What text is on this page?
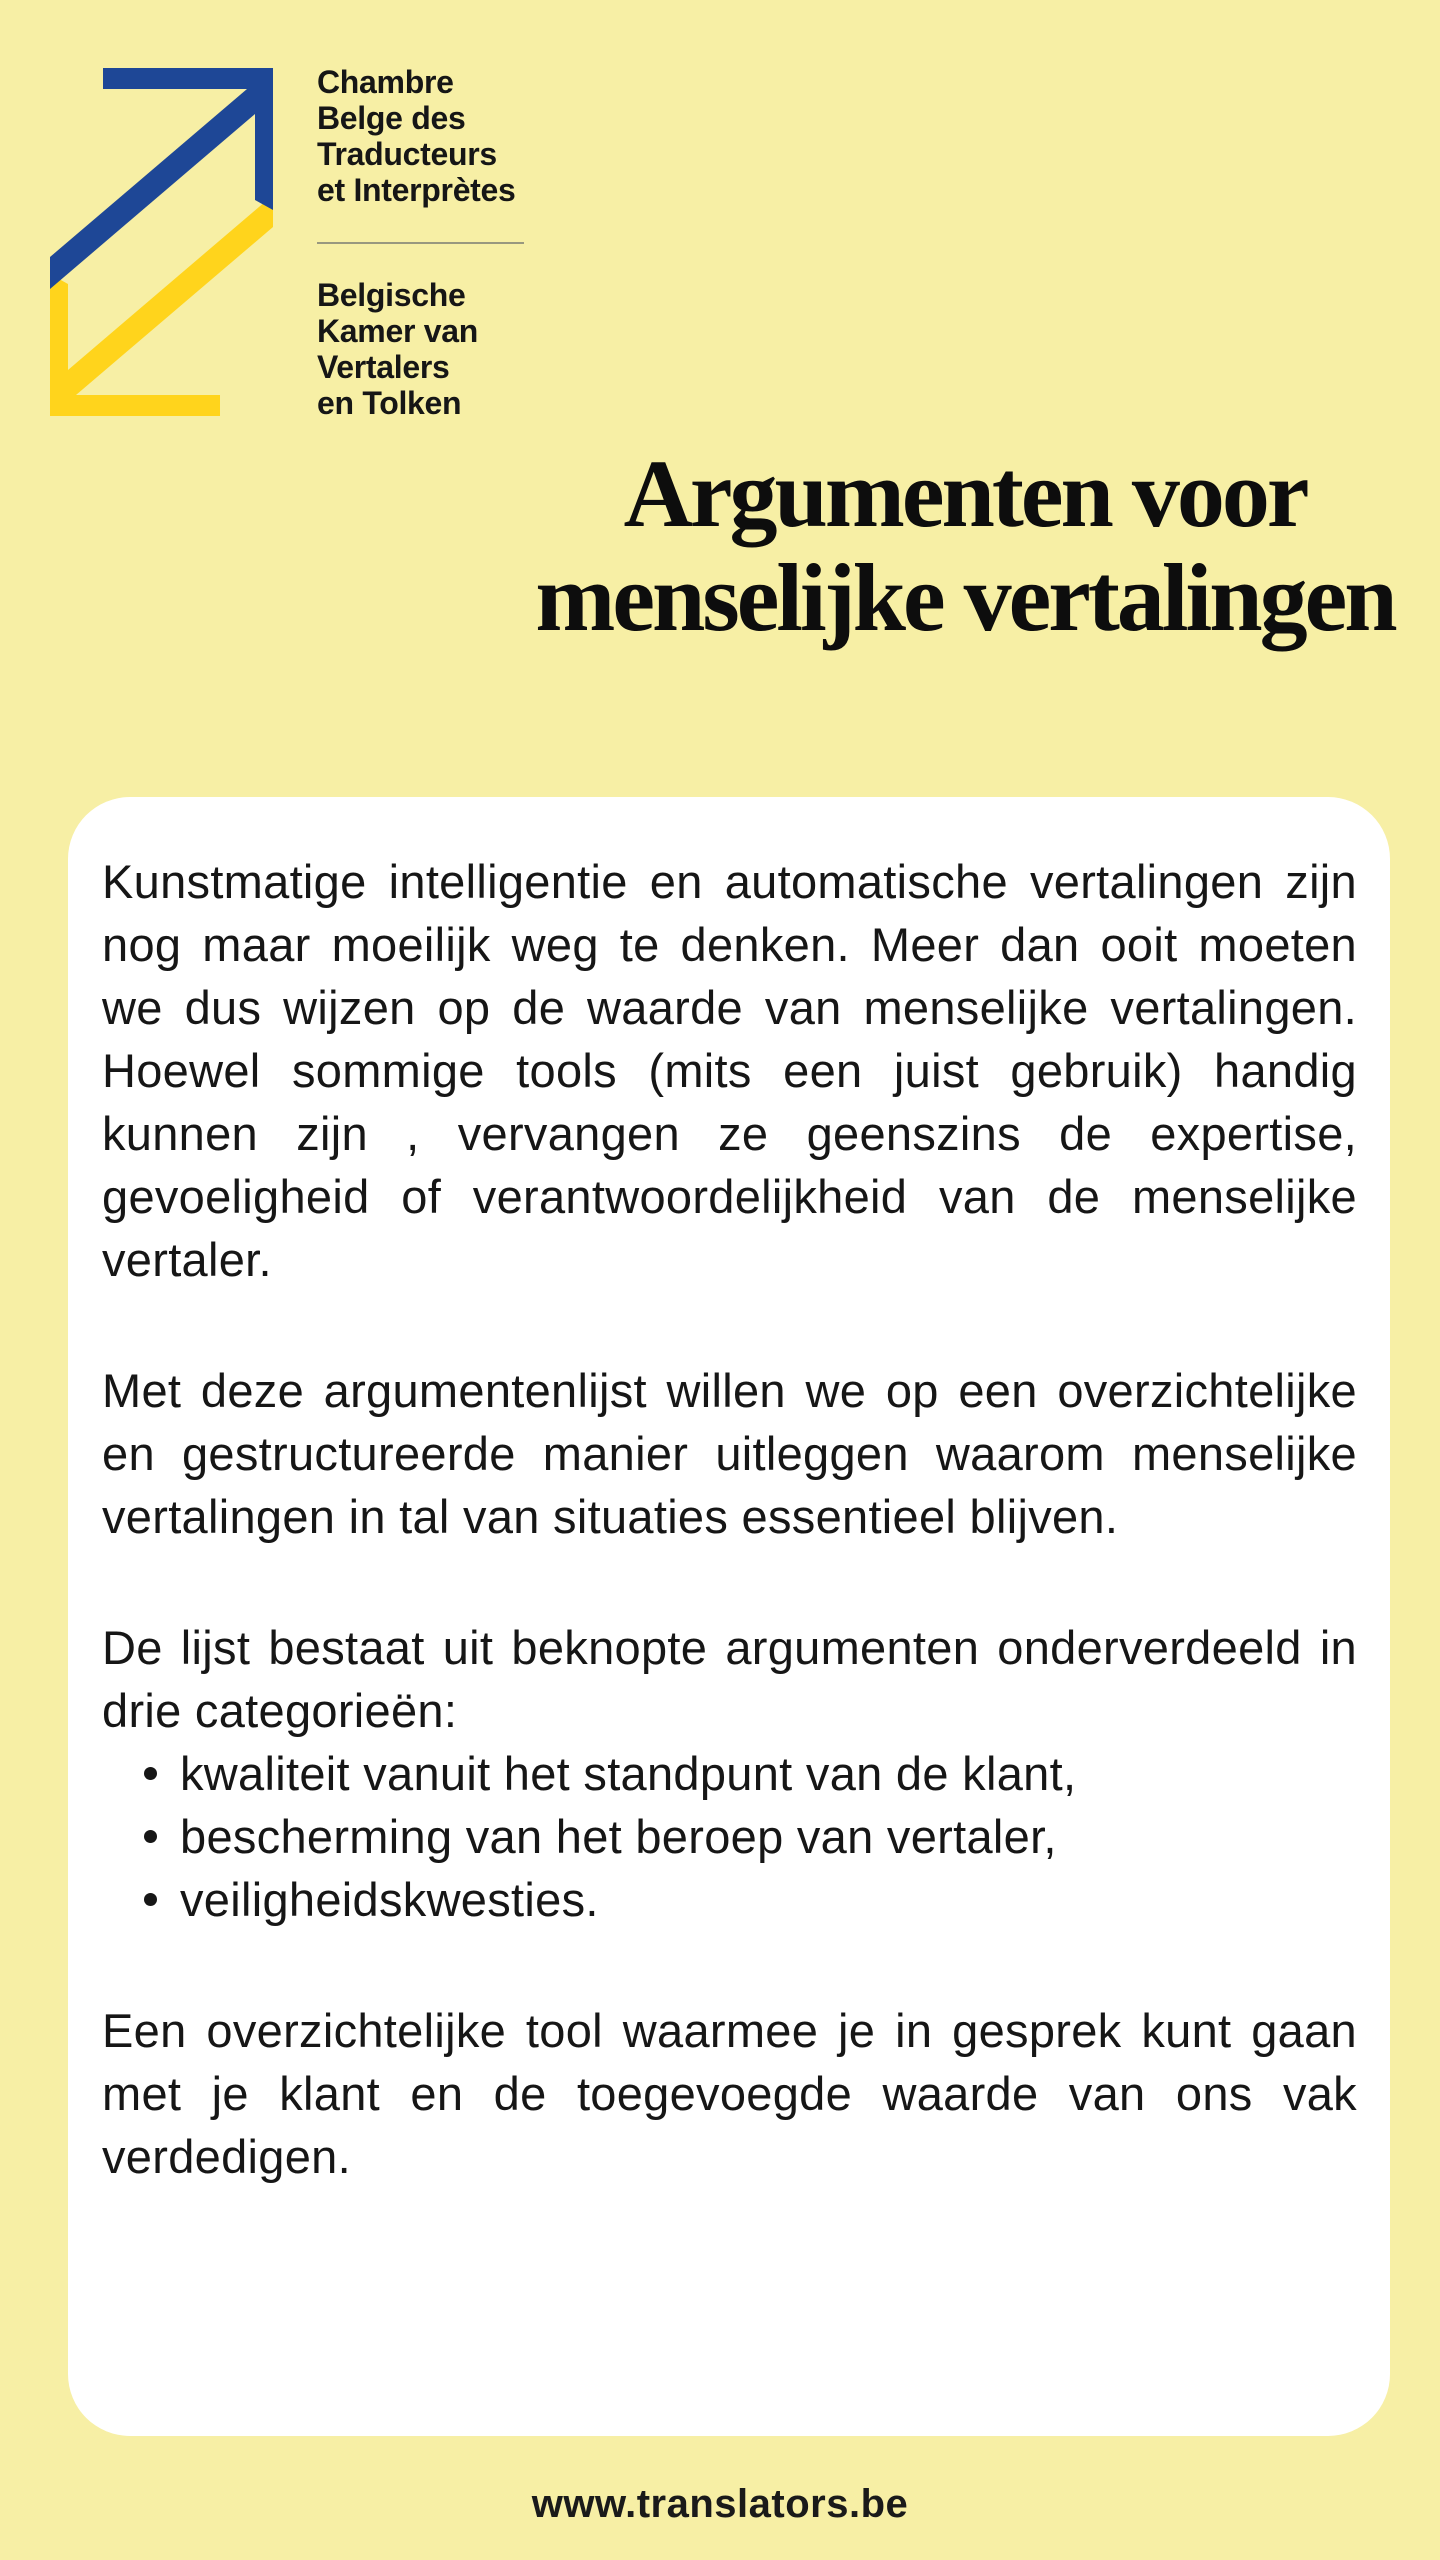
Chambre
Belge des
Traducteurs
et Interprètes
Belgische
Kamer van
Vertalers
en Tolken
Argumenten voor
menselijke vertalingen

Kunstmatige intelligentie en automatische vertalingen zijn nog maar moeilijk weg te denken. Meer dan ooit moeten we dus wijzen op de waarde van menselijke vertalingen. Hoewel sommige tools (mits een juist gebruik) handig kunnen zijn , vervangen ze geenszins de expertise, gevoeligheid of verantwoordelijkheid van de menselijke vertaler.

Met deze argumentenlijst willen we op een overzichtelijke en gestructureerde manier uitleggen waarom menselijke vertalingen in tal van situaties essentieel blijven.

De lijst bestaat uit beknopte argumenten onderverdeeld in drie categorieën:

kwaliteit vanuit het standpunt van de klant,
bescherming van het beroep van vertaler,
veiligheidskwesties.

Een overzichtelijke tool waarmee je in gesprek kunt gaan met je klant en de toegevoegde waarde van ons vak verdedigen.

www.translators.be
